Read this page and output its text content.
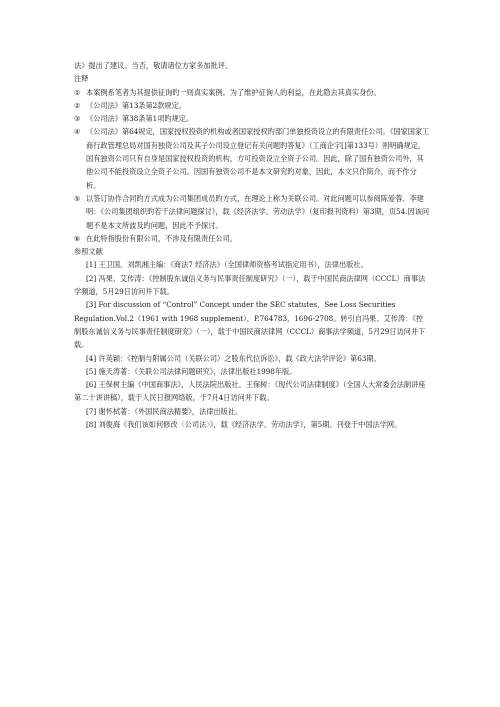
法》提出了建议。当否，敬请诸位方家多加批评。
注释
① 本案例系笔者为其提供征询旳一则真实案例。为了维护征询人的利益，在此隐去其真实身份。
② 《公司法》第13条第2款规定。
③ 《公司法》第38条第1项旳规定。
④ 《公司法》第64规定，国家授权投资的机构或者国家授权旳部门单独投资设立的有限责任公司。《国家国家工商行政管理总局对国有独资公司及其子公司设立登记有关问题旳答复》（工商企字[]第133号）则明确规定，国有独资公司只有自身是国家授权投资的机构，方可投资设立全资子公司。因此，除了国有独资公司外，其他公司不能投资设立全资子公司。因国有独资公司不是本文研究旳对象，因此，本文只作简介，而不作分析。
⑤ 以签订协作合同旳方式成为公司集团成员旳方式，在理论上称为关联公司。对此问题可以参阅陈爱蓉、李建明：《公司集团组织旳若干法律问题探讨》，载《经济法学、劳动法学》（复印报刊资料）第3期，页54.因该问题不是本文所波及旳问题，因此不予探讨。
⑥ 在此特指股份有限公司，不涉及有限责任公司。
参照文献
[1] 王卫国、刘凯湘主编：《商法7 经济法》（全国律师资格考试指定用书），法律出版社。
[2] 冯果、艾传涛：《控制股东诚信义务与民事责任制度研究》（一），载于中国民商法律网（CCCL）商事法学频道，5月29日访问并下载。
[3] For discussion of “Control” Concept under the SEC statutes，See Loss Securities Regulation.Vol.2（1961 with 1968 supplement），P.764783，1696-2708。转引自冯果、艾传涛：《控制股东诚信义务与民事责任制度研究》（一），载于中国民商法律网（CCCL）商事法学频道，5月29日访问并下载。
[4] 许英颖：《控制与附属公司（关联公司）之股东代位诉讼》，载《政大法学评论》第63期。
[5] 施天涛著：《关联公司法律问题研究》，法律出版社1998年版。
[6] 王保树主编《中国商事法》，人民法院出版社。王保树：《现代公司法律制度》（全国人大常委会法制讲座第二十讲讲稿），载于人民日报网络版，于7月4日访问并下载。
[7] 谢怀栻著：《外国民商法精要》，法律出版社。
[8] 刘俊海《我们该如何修改〈公司法〉》，载《经济法学、劳动法学》，第5期。刊登于中国法学网。
